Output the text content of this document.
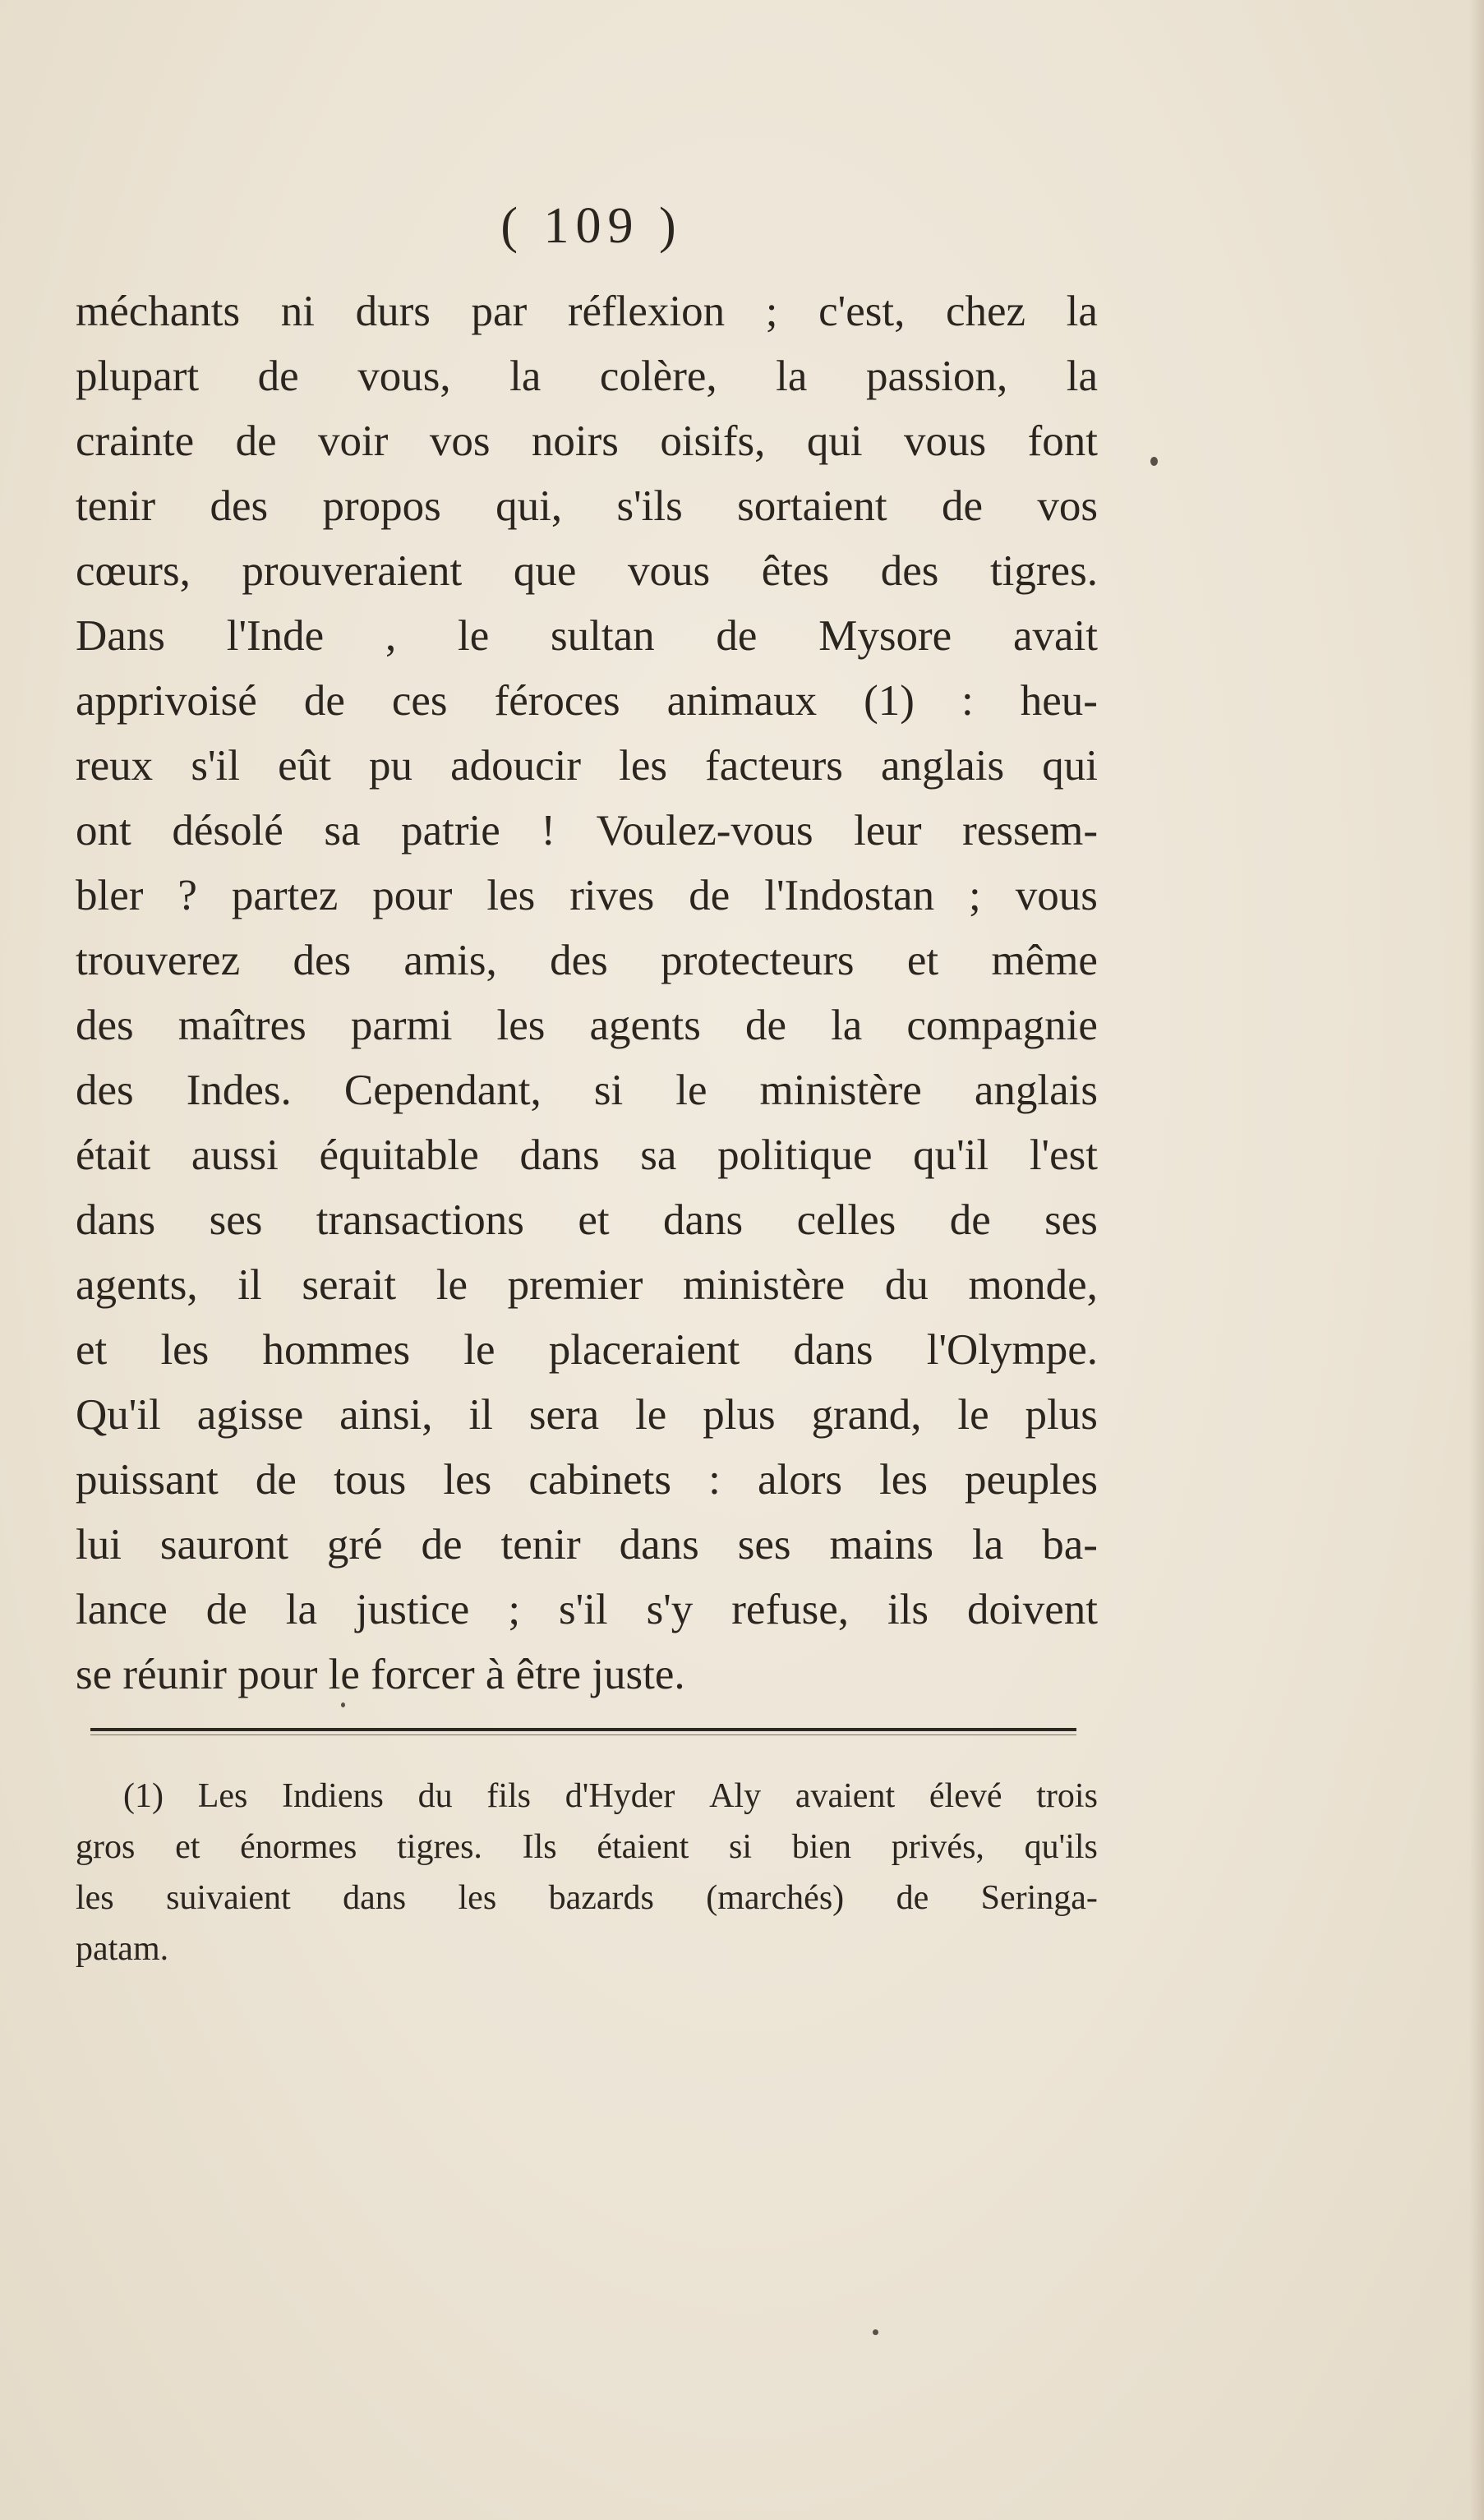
( 109 )
méchants ni durs par réflexion ; c'est, chez la
plupart de vous, la colère, la passion, la
crainte de voir vos noirs oisifs, qui vous font
tenir des propos qui, s'ils sortaient de vos
cœurs, prouveraient que vous êtes des tigres.
Dans l'Inde , le sultan de Mysore avait
apprivoisé de ces féroces animaux (1) : heu-
reux s'il eût pu adoucir les facteurs anglais qui
ont désolé sa patrie ! Voulez-vous leur ressem-
bler ? partez pour les rives de l'Indostan ; vous
trouverez des amis, des protecteurs et même
des maîtres parmi les agents de la compagnie
des Indes. Cependant, si le ministère anglais
était aussi équitable dans sa politique qu'il l'est
dans ses transactions et dans celles de ses
agents, il serait le premier ministère du monde,
et les hommes le placeraient dans l'Olympe.
Qu'il agisse ainsi, il sera le plus grand, le plus
puissant de tous les cabinets : alors les peuples
lui sauront gré de tenir dans ses mains la ba-
lance de la justice ; s'il s'y refuse, ils doivent
se réunir pour le forcer à être juste.
(1) Les Indiens du fils d'Hyder Aly avaient élevé trois
gros et énormes tigres. Ils étaient si bien privés, qu'ils
les suivaient dans les bazards (marchés) de Seringa-
patam.
